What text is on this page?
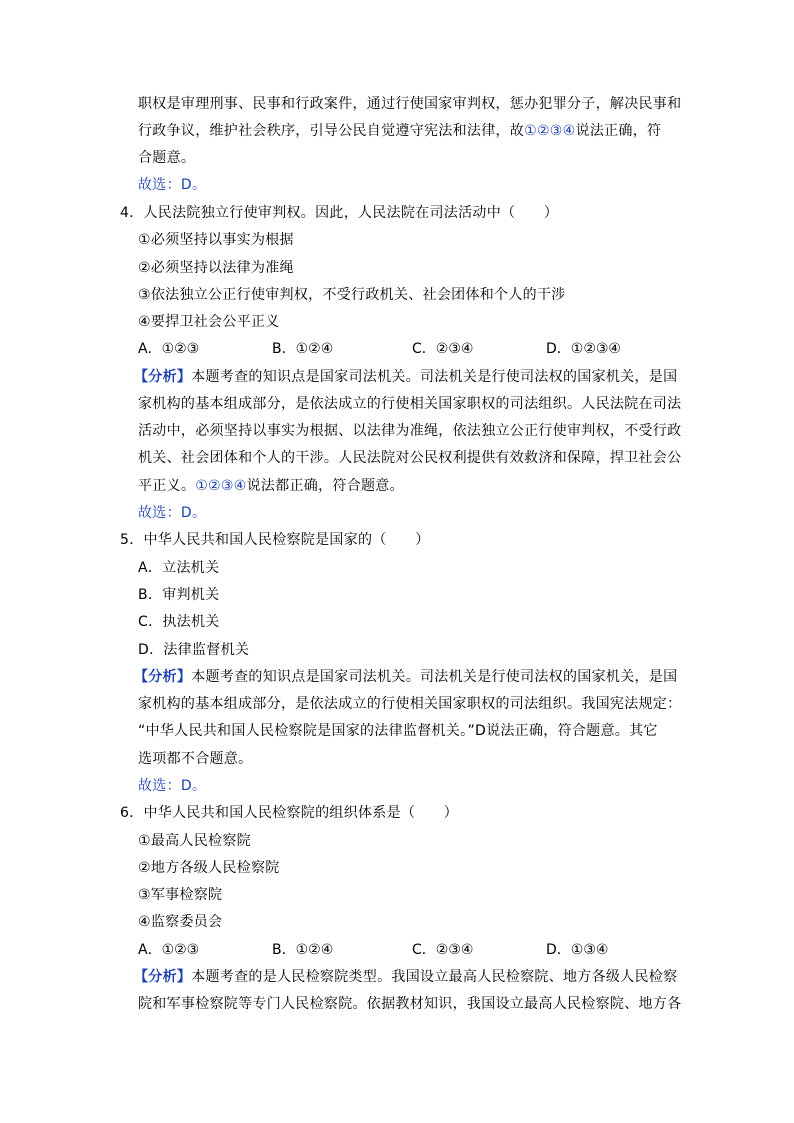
职权是审理刑事、民事和行政案件，通过行使国家审判权，惩办犯罪分子，解决民事和
行政争议，维护社会秩序，引导公民自觉遵守宪法和法律，故①②③④说法正确，符
合题意。
故选：D。
4．人民法院独立行使审判权。因此，人民法院在司法活动中（　　）
①必须坚持以事实为根据
②必须坚持以法律为准绳
③依法独立公正行使审判权，不受行政机关、社会团体和个人的干涉
④要捍卫社会公平正义
A．①②③	B．①②④	C．②③④	D．①②③④
【分析】本题考查的知识点是国家司法机关。司法机关是行使司法权的国家机关，是国
家机构的基本组成部分，是依法成立的行使相关国家职权的司法组织。人民法院在司法
活动中，必须坚持以事实为根据、以法律为准绳，依法独立公正行使审判权，不受行政
机关、社会团体和个人的干涉。人民法院对公民权利提供有效救济和保障，捍卫社会公
平正义。①②③④说法都正确，符合题意。
故选：D。
5．中华人民共和国人民检察院是国家的（　　）
A．立法机关
B．审判机关
C．执法机关
D．法律监督机关
【分析】本题考查的知识点是国家司法机关。司法机关是行使司法权的国家机关，是国
家机构的基本组成部分，是依法成立的行使相关国家职权的司法组织。我国宪法规定：
“中华人民共和国人民检察院是国家的法律监督机关。”D说法正确，符合题意。其它
选项都不合题意。
故选：D。
6．中华人民共和国人民检察院的组织体系是（　　）
①最高人民检察院
②地方各级人民检察院
③军事检察院
④监察委员会
A．①②③	B．①②④	C．②③④	D．①③④
【分析】本题考查的是人民检察院类型。我国设立最高人民检察院、地方各级人民检察
院和军事检察院等专门人民检察院。依据教材知识，我国设立最高人民检察院、地方各
